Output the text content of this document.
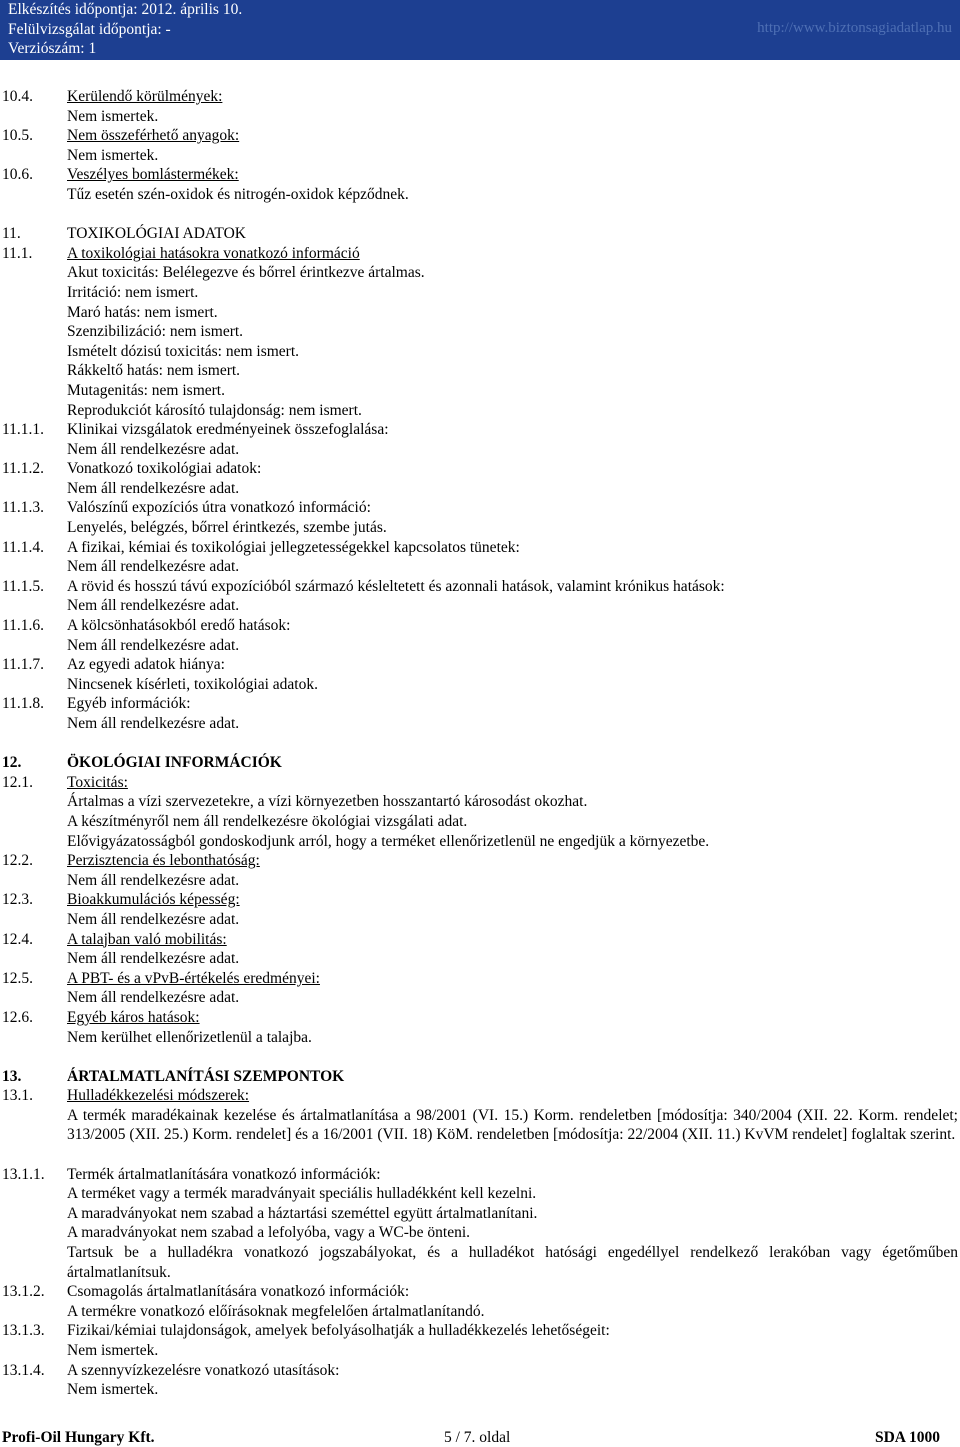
Elkészítés időpontja: 2012. április 10.
Felülvizsgálat időpontja: -
Verziószám: 1
http://www.biztonsagiadatlap.hu
10.4. Kerülendő körülmények:
Nem ismertek.
10.5. Nem összeférhető anyagok:
Nem ismertek.
10.6. Veszélyes bomlástermékek:
Tűz esetén szén-oxidok és nitrogén-oxidok képződnek.
11.	TOXIKOLÓGIAI ADATOK
11.1. A toxikológiai hatásokra vonatkozó információ
Akut toxicitás: Belélegezve és bőrrel érintkezve ártalmas.
Irritáció: nem ismert.
Maró hatás: nem ismert.
Szenzibilizáció: nem ismert.
Ismételt dózisú toxicitás: nem ismert.
Rákkeltő hatás: nem ismert.
Mutagenitás: nem ismert.
Reprodukciót károsító tulajdonság: nem ismert.
11.1.1. Klinikai vizsgálatok eredményeinek összefoglalása:
Nem áll rendelkezésre adat.
11.1.2. Vonatkozó toxikológiai adatok:
Nem áll rendelkezésre adat.
11.1.3. Valószínű expozíciós útra vonatkozó információ:
Lenyelés, belégzés, bőrrel érintkezés, szembe jutás.
11.1.4. A fizikai, kémiai és toxikológiai jellegzetességekkel kapcsolatos tünetek:
Nem áll rendelkezésre adat.
11.1.5. A rövid és hosszú távú expozícióból származó késleltetett és azonnali hatások, valamint krónikus hatások:
Nem áll rendelkezésre adat.
11.1.6. A kölcsönhatásokból eredő hatások:
Nem áll rendelkezésre adat.
11.1.7. Az egyedi adatok hiánya:
Nincsenek kísérleti, toxikológiai adatok.
11.1.8. Egyéb információk:
Nem áll rendelkezésre adat.
12.	ÖKOLÓGIAI INFORMÁCIÓK
12.1. Toxicitás:
Ártalmas a vízi szervezetekre, a vízi környezetben hosszantartó károsodást okozhat.
A készítményről nem áll rendelkezésre ökológiai vizsgálati adat.
Elővigyázatosságból gondoskodjunk arról, hogy a terméket ellenőrizetlenül ne engedjük a környezetbe.
12.2. Perzisztencia és lebonthatóság:
Nem áll rendelkezésre adat.
12.3. Bioakkumulációs képesség:
Nem áll rendelkezésre adat.
12.4. A talajban való mobilitás:
Nem áll rendelkezésre adat.
12.5. A PBT- és a vPvB-értékelés eredményei:
Nem áll rendelkezésre adat.
12.6. Egyéb káros hatások:
Nem kerülhet ellenőrizetlenül a talajba.
13.	ÁRTALMATLANÍTÁSI SZEMPONTOK
13.1. Hulladékkezelési módszerek:
A termék maradékainak kezelése és ártalmatlanítása a 98/2001 (VI. 15.) Korm. rendeletben [módosítja: 340/2004 (XII. 22. Korm. rendelet; 313/2005 (XII. 25.) Korm. rendelet] és a 16/2001 (VII. 18) KöM. rendeletben [módosítja: 22/2004 (XII. 11.) KvVM rendelet] foglaltak szerint.
13.1.1. Termék ártalmatlanítására vonatkozó információk:
A terméket vagy a termék maradványait speciális hulladékként kell kezelni.
A maradványokat nem szabad a háztartási szeméttel együtt ártalmatlanítani.
A maradványokat nem szabad a lefolyóba, vagy a WC-be önteni.
Tartsuk be a hulladékra vonatkozó jogszabályokat, és a hulladékot hatósági engedéllyel rendelkező lerakóban vagy égetőműben ártalmatlanítsuk.
13.1.2. Csomagolás ártalmatlanítására vonatkozó információk:
A termékre vonatkozó előírásoknak megfelelően ártalmatlanítandó.
13.1.3. Fizikai/kémiai tulajdonságok, amelyek befolyásolhatják a hulladékkezelés lehetőségeit:
Nem ismertek.
13.1.4. A szennyvízkezelésre vonatkozó utasítások:
Nem ismertek.
Profi-Oil Hungary Kft.	5 / 7. oldal	SDA 1000
